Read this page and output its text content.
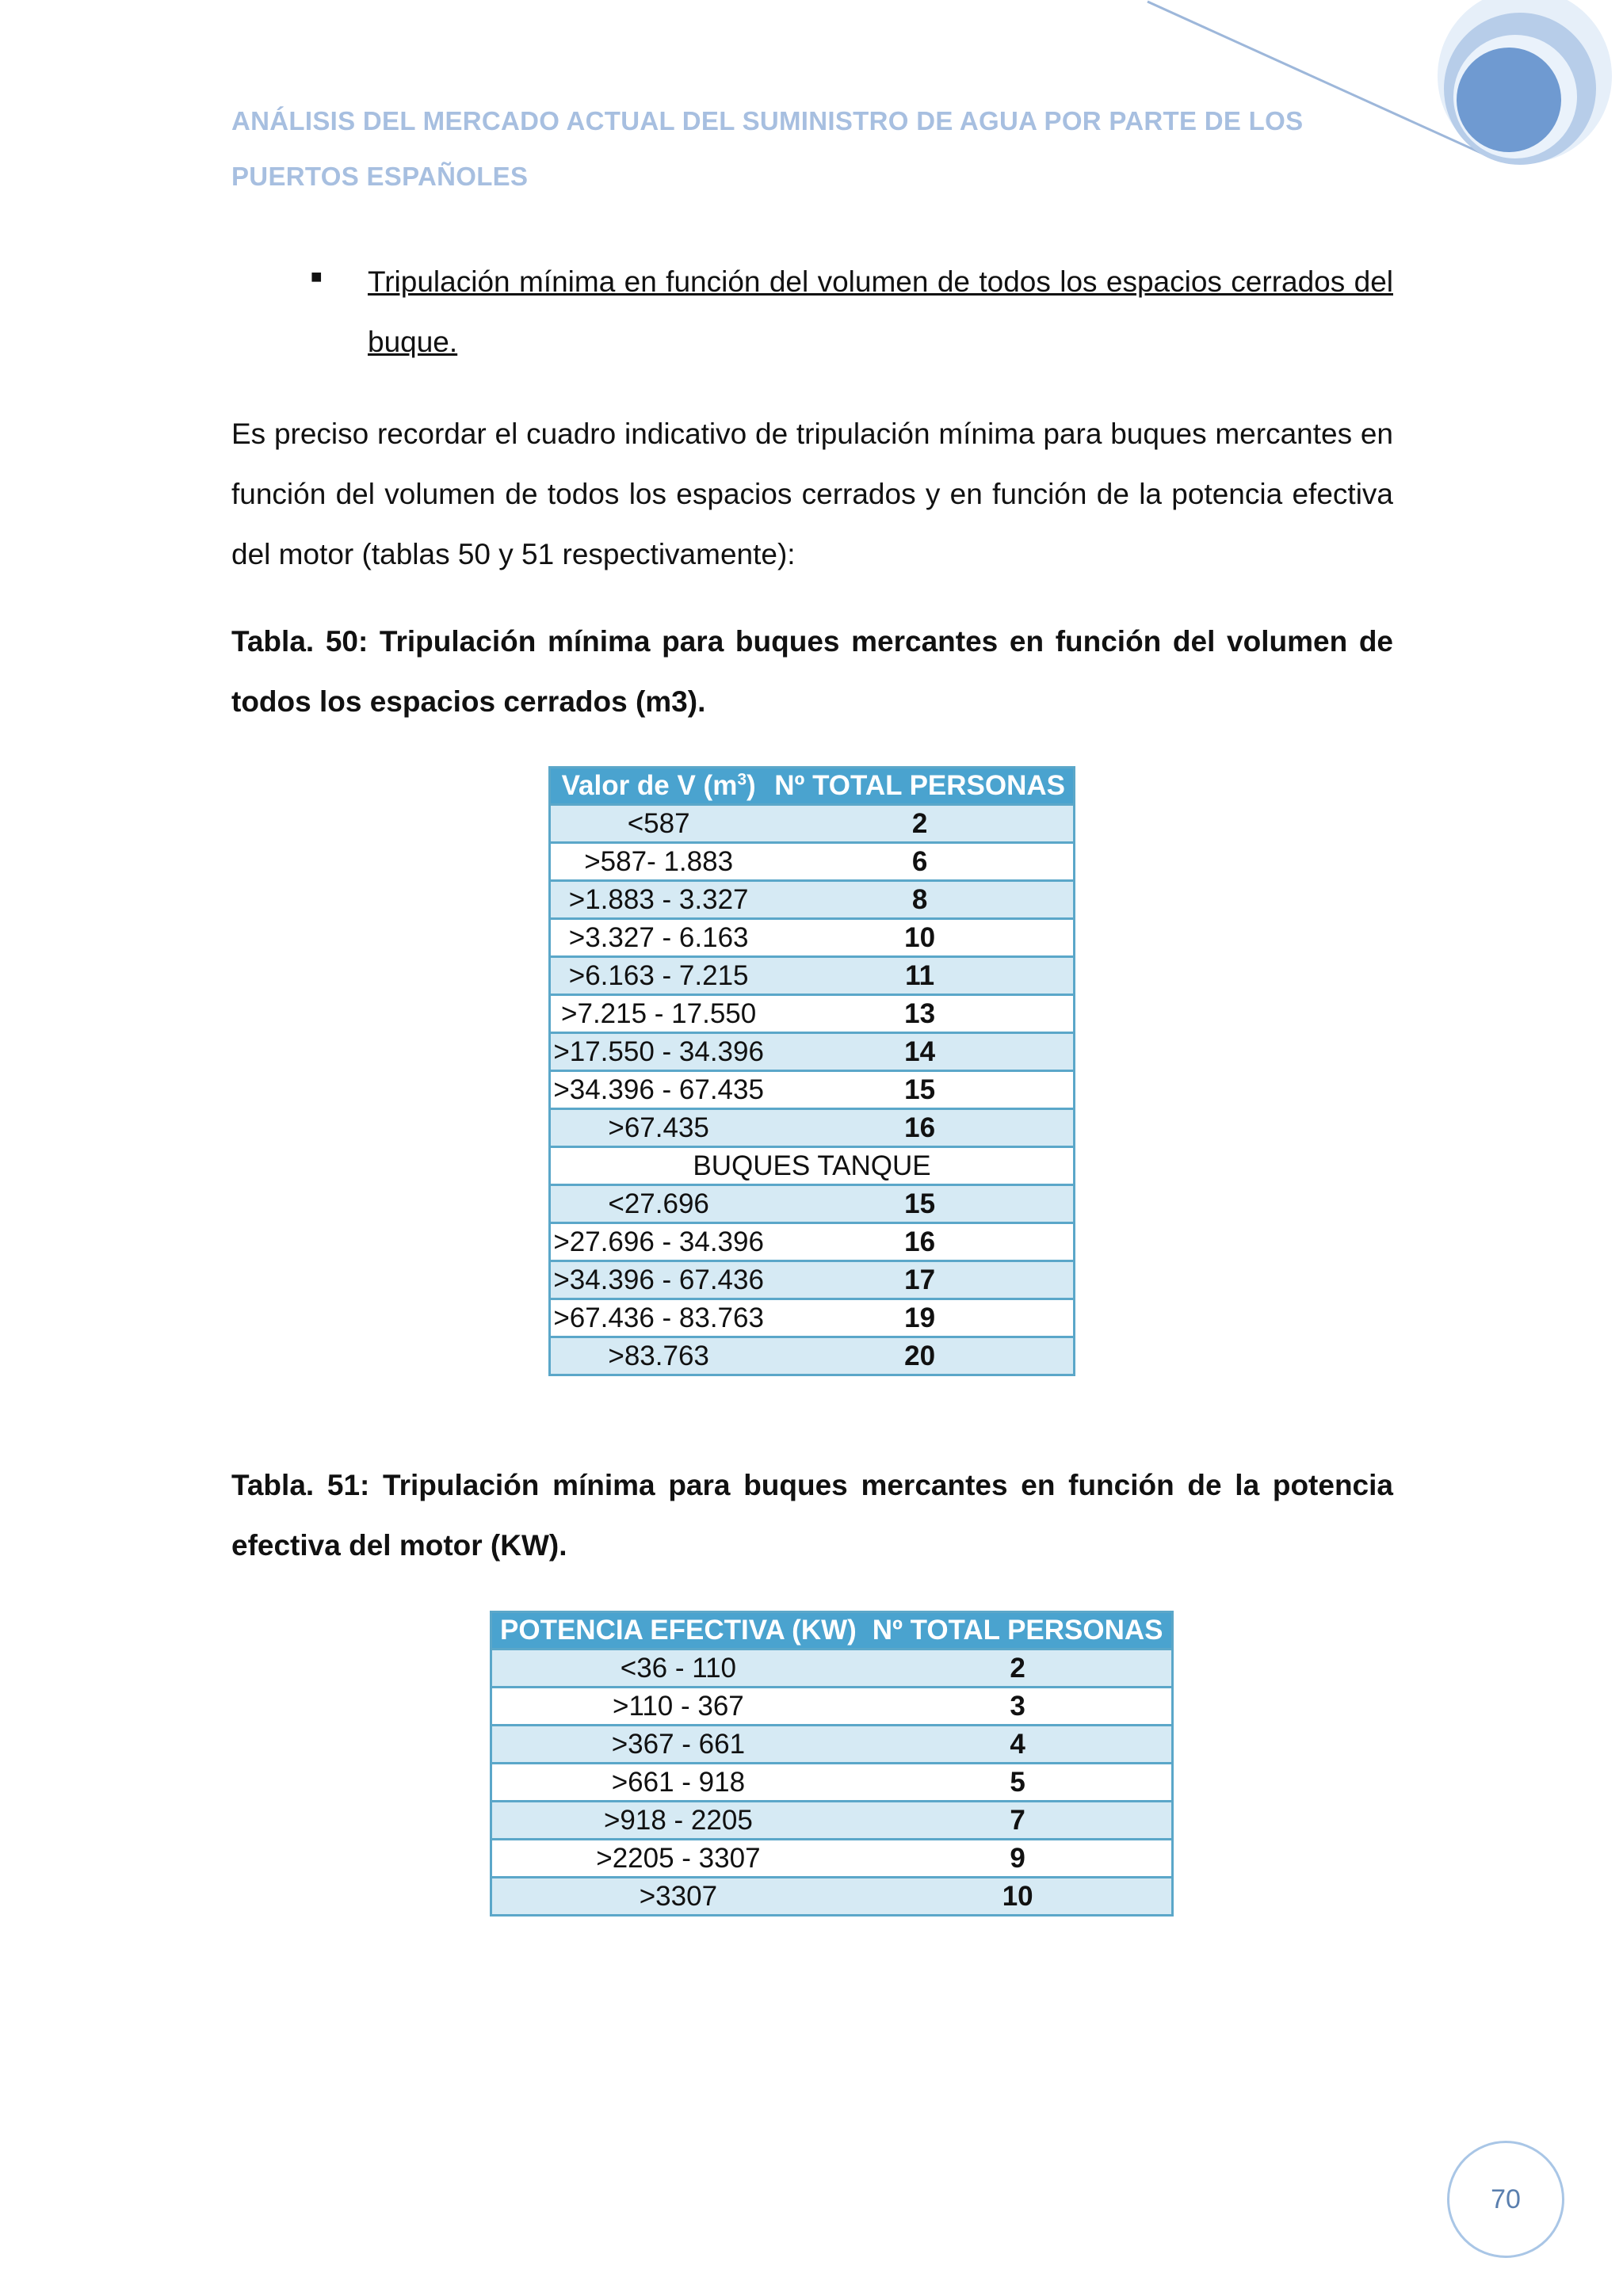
ANÁLISIS DEL MERCADO ACTUAL DEL SUMINISTRO DE AGUA POR PARTE DE LOS PUERTOS ESPAÑOLES
■ Tripulación mínima en función del volumen de todos los espacios cerrados del buque.

Es preciso recordar el cuadro indicativo de tripulación mínima para buques mercantes en función del volumen de todos los espacios cerrados y en función de la potencia efectiva del motor (tablas 50 y 51 respectivamente):

Tabla. 50: Tripulación mínima para buques mercantes en función del volumen de todos los espacios cerrados (m3).

Valor de V $(m^3)$	Nº TOTAL PERSONAS
<587	2
>587- 1.883	6
>1.883 - 3.327	8
>3.327 - 6.163	10
>6.163 - 7.215	11
>7.215 - 17.550	13
>17.550 - 34.396	14
>34.396 - 67.435	15
>67.435	16
BUQUES TANQUE	
<27.696	15
>27.696 - 34.396	16
>34.396 - 67.436	17
>67.436 - 83.763	19
>83.763	20

Tabla. 51: Tripulación mínima para buques mercantes en función de la potencia efectiva del motor (KW).

POTENCIA EFECTIVA (KW)	Nº TOTAL PERSONAS
<36 - 110	2
>110 - 367	3
>367 - 661	4
>661 - 918	5
>918 - 2205	7
>2205 - 3307	9
>3307	10
70
